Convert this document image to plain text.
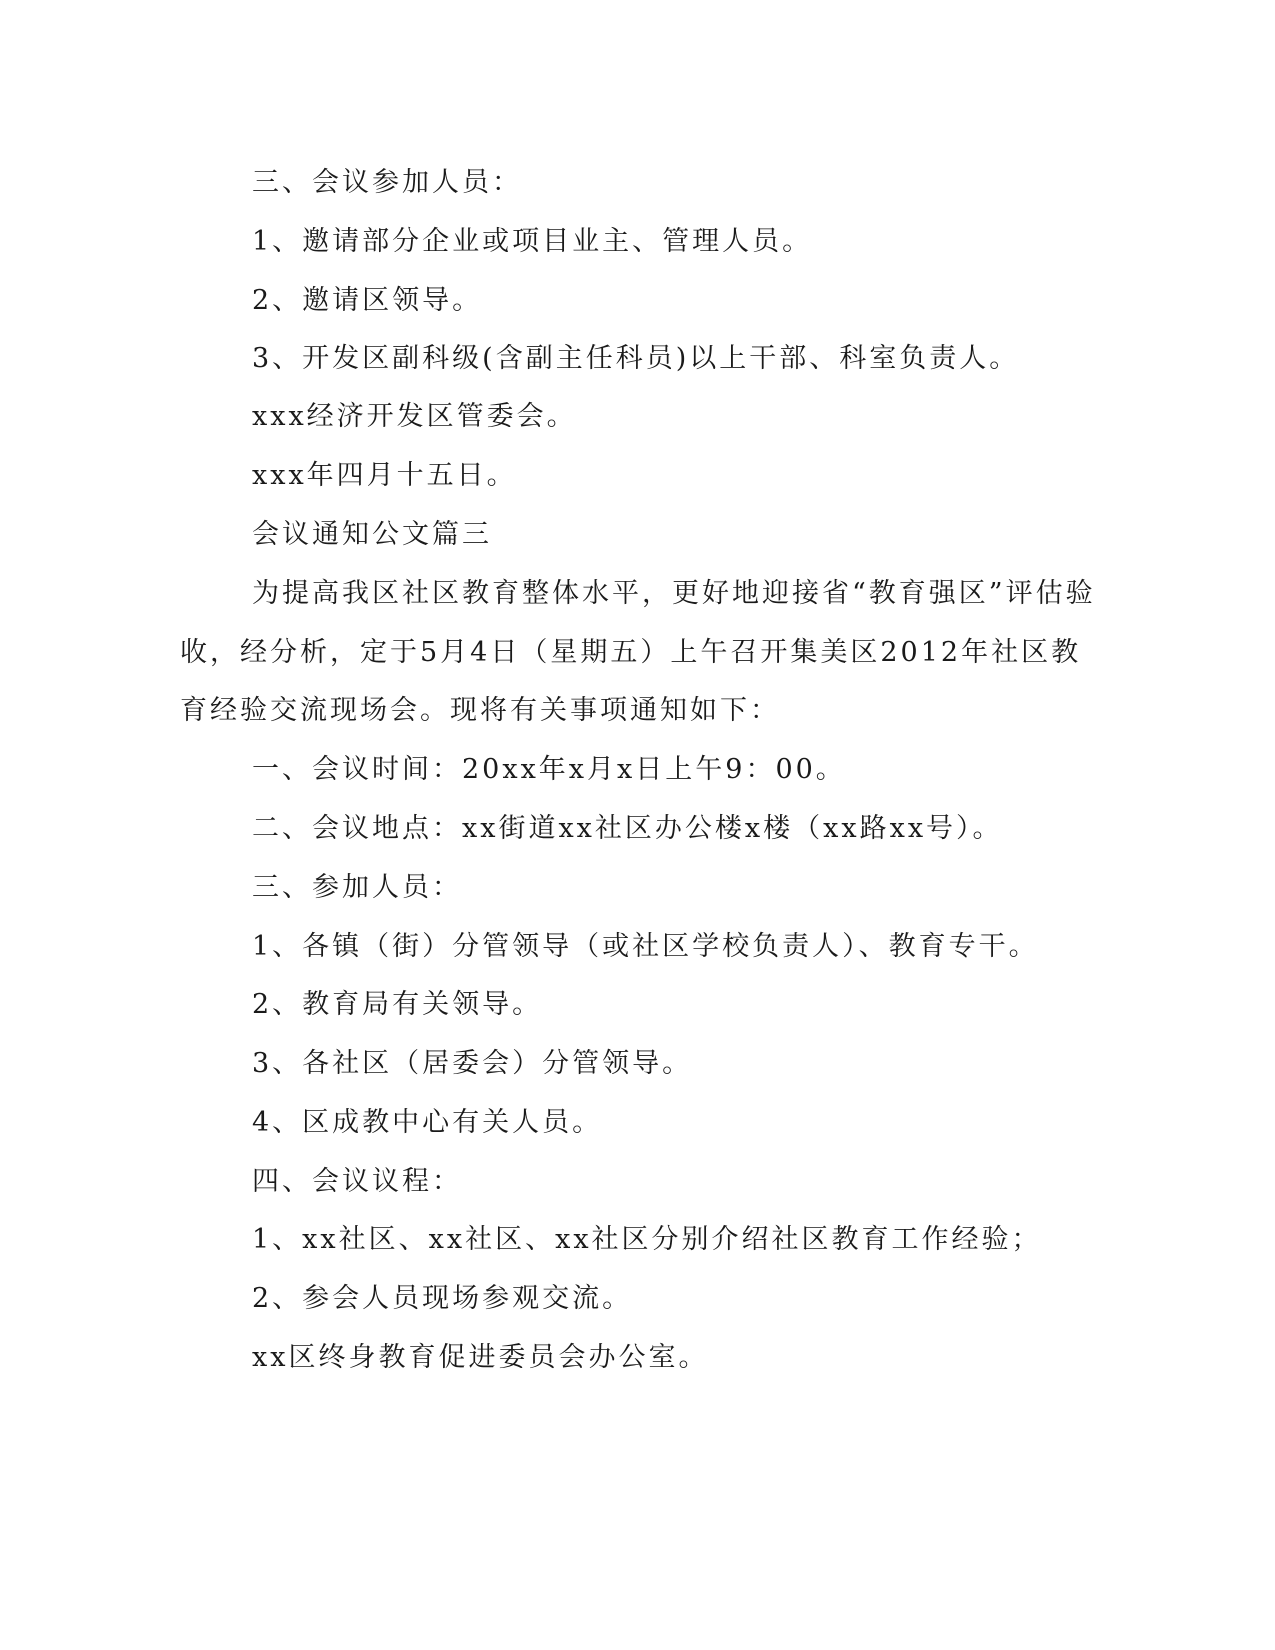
三、会议参加人员：
1、邀请部分企业或项目业主、管理人员。
2、邀请区领导。
3、开发区副科级(含副主任科员)以上干部、科室负责人。
xxx经济开发区管委会。
xxx年四月十五日。
会议通知公文篇三
为提高我区社区教育整体水平，更好地迎接省“教育强区”评估验
收，经分析，定于5月4日（星期五）上午召开集美区2012年社区教
育经验交流现场会。现将有关事项通知如下：
一、会议时间：20xx年x月x日上午9：00。
二、会议地点：xx街道xx社区办公楼x楼（xx路xx号）。
三、参加人员：
1、各镇（街）分管领导（或社区学校负责人）、教育专干。
2、教育局有关领导。
3、各社区（居委会）分管领导。
4、区成教中心有关人员。
四、会议议程：
1、xx社区、xx社区、xx社区分别介绍社区教育工作经验；
2、参会人员现场参观交流。
xx区终身教育促进委员会办公室。
